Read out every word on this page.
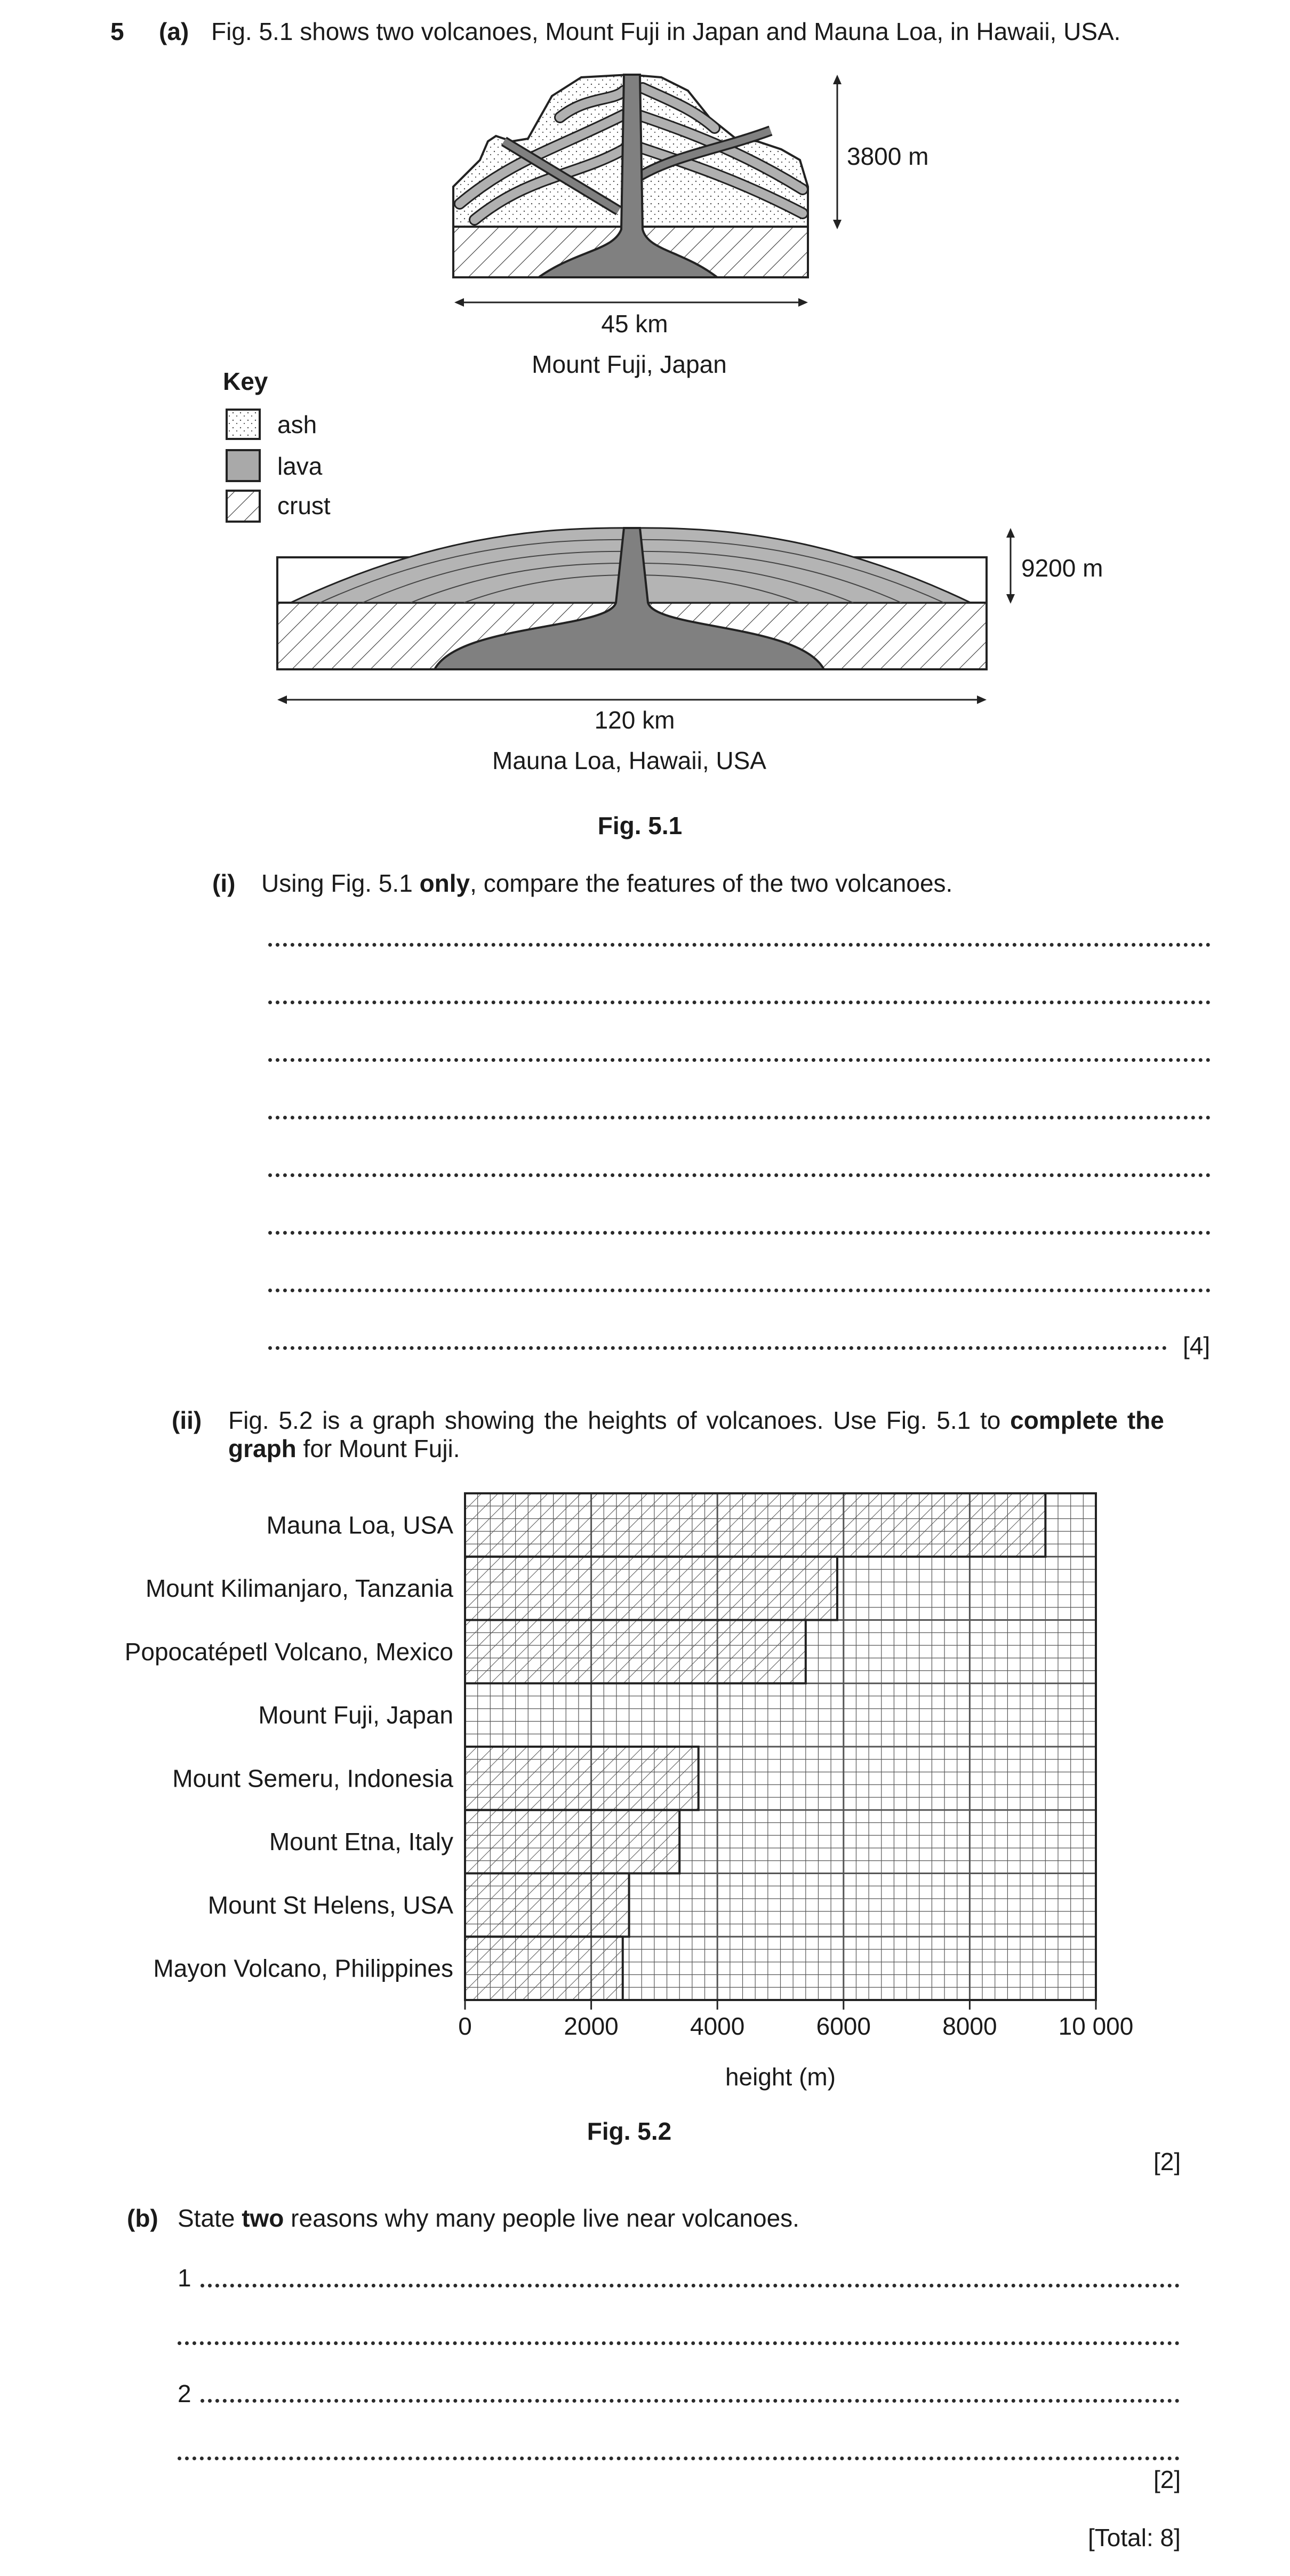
5 (a) Fig. 5.1 shows two volcanoes, Mount Fuji in Japan and Mauna Loa, in Hawaii, USA.
3800 m
45 km
Mount Fuji, Japan
Key
ash
lava
crust
9200 m
120 km
Mauna Loa, Hawaii, USA
Fig. 5.1
(i) Using Fig. 5.1 only, compare the features of the two volcanoes.
[4]
(ii) Fig. 5.2 is a graph showing the heights of volcanoes. Use Fig. 5.1 to complete the
graph for Mount Fuji.
Mauna Loa, USA
Mount Kilimanjaro, Tanzania
Popocatépetl Volcano, Mexico
Mount Fuji, Japan
Mount Semeru, Indonesia
Mount Etna, Italy
Mount St Helens, USA
Mayon Volcano, Philippines
0	2000	4000	6000	8000	10 000
height (m)
Fig. 5.2
[2]
(b) State two reasons why many people live near volcanoes.
1
2
[2]
[Total: 8]
